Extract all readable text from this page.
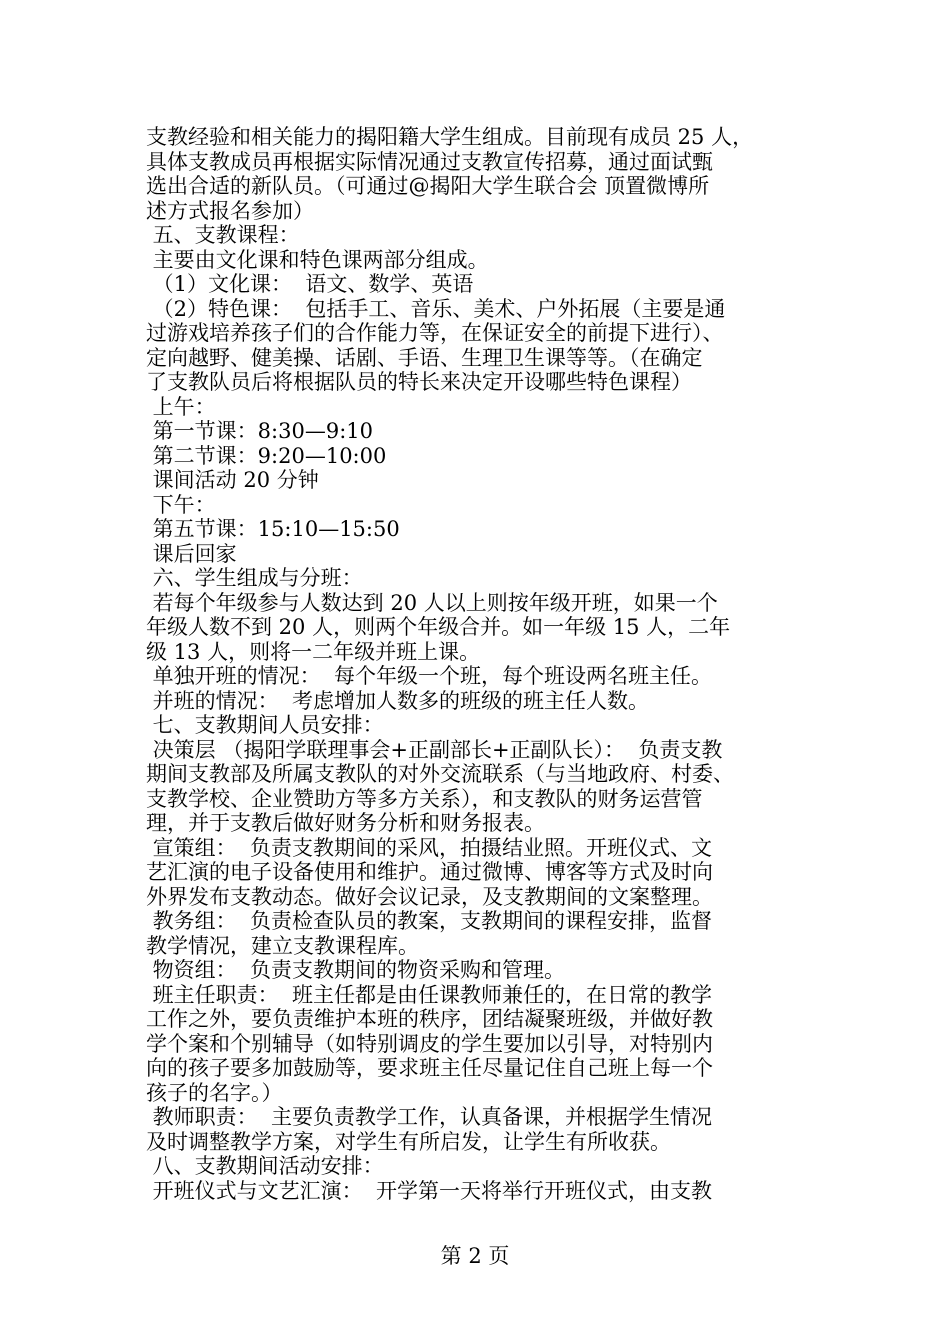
支教经验和相关能力的揭阳籍大学生组成。目前现有成员 25 人，
具体支教成员再根据实际情况通过支教宣传招募，通过面试甄
选出合适的新队员。（可通过@揭阳大学生联合会 顶置微博所
述方式报名参加）
五、支教课程：
主要由文化课和特色课两部分组成。
（1）文化课：  语文、数学、英语
（2）特色课：  包括手工、音乐、美术、户外拓展（主要是通
过游戏培养孩子们的合作能力等，在保证安全的前提下进行）、
定向越野、健美操、话剧、手语、生理卫生课等等。（在确定
了支教队员后将根据队员的特长来决定开设哪些特色课程）
上午：
第一节课：8:30—9:10
第二节课：9:20—10:00
课间活动 20 分钟
下午：
第五节课：15:10—15:50
课后回家
六、学生组成与分班：
若每个年级参与人数达到 20 人以上则按年级开班，如果一个
年级人数不到 20 人，则两个年级合并。如一年级 15 人，二年
级 13 人，则将一二年级并班上课。
单独开班的情况：  每个年级一个班，每个班设两名班主任。
并班的情况：  考虑增加人数多的班级的班主任人数。
七、支教期间人员安排：
决策层 （揭阳学联理事会+正副部长+正副队长）：  负责支教
期间支教部及所属支教队的对外交流联系（与当地政府、村委、
支教学校、企业赞助方等多方关系），和支教队的财务运营管
理，并于支教后做好财务分析和财务报表。
宣策组：  负责支教期间的采风，拍摄结业照。开班仪式、文
艺汇演的电子设备使用和维护。通过微博、博客等方式及时向
外界发布支教动态。做好会议记录，及支教期间的文案整理。
教务组：  负责检查队员的教案，支教期间的课程安排，监督
教学情况，建立支教课程库。
物资组：  负责支教期间的物资采购和管理。
班主任职责：  班主任都是由任课教师兼任的，在日常的教学
工作之外，要负责维护本班的秩序，团结凝聚班级，并做好教
学个案和个别辅导（如特别调皮的学生要加以引导，对特别内
向的孩子要多加鼓励等，要求班主任尽量记住自己班上每一个
孩子的名字。）
教师职责：  主要负责教学工作，认真备课，并根据学生情况
及时调整教学方案，对学生有所启发，让学生有所收获。
八、支教期间活动安排：
开班仪式与文艺汇演：  开学第一天将举行开班仪式，由支教
第 2 页
